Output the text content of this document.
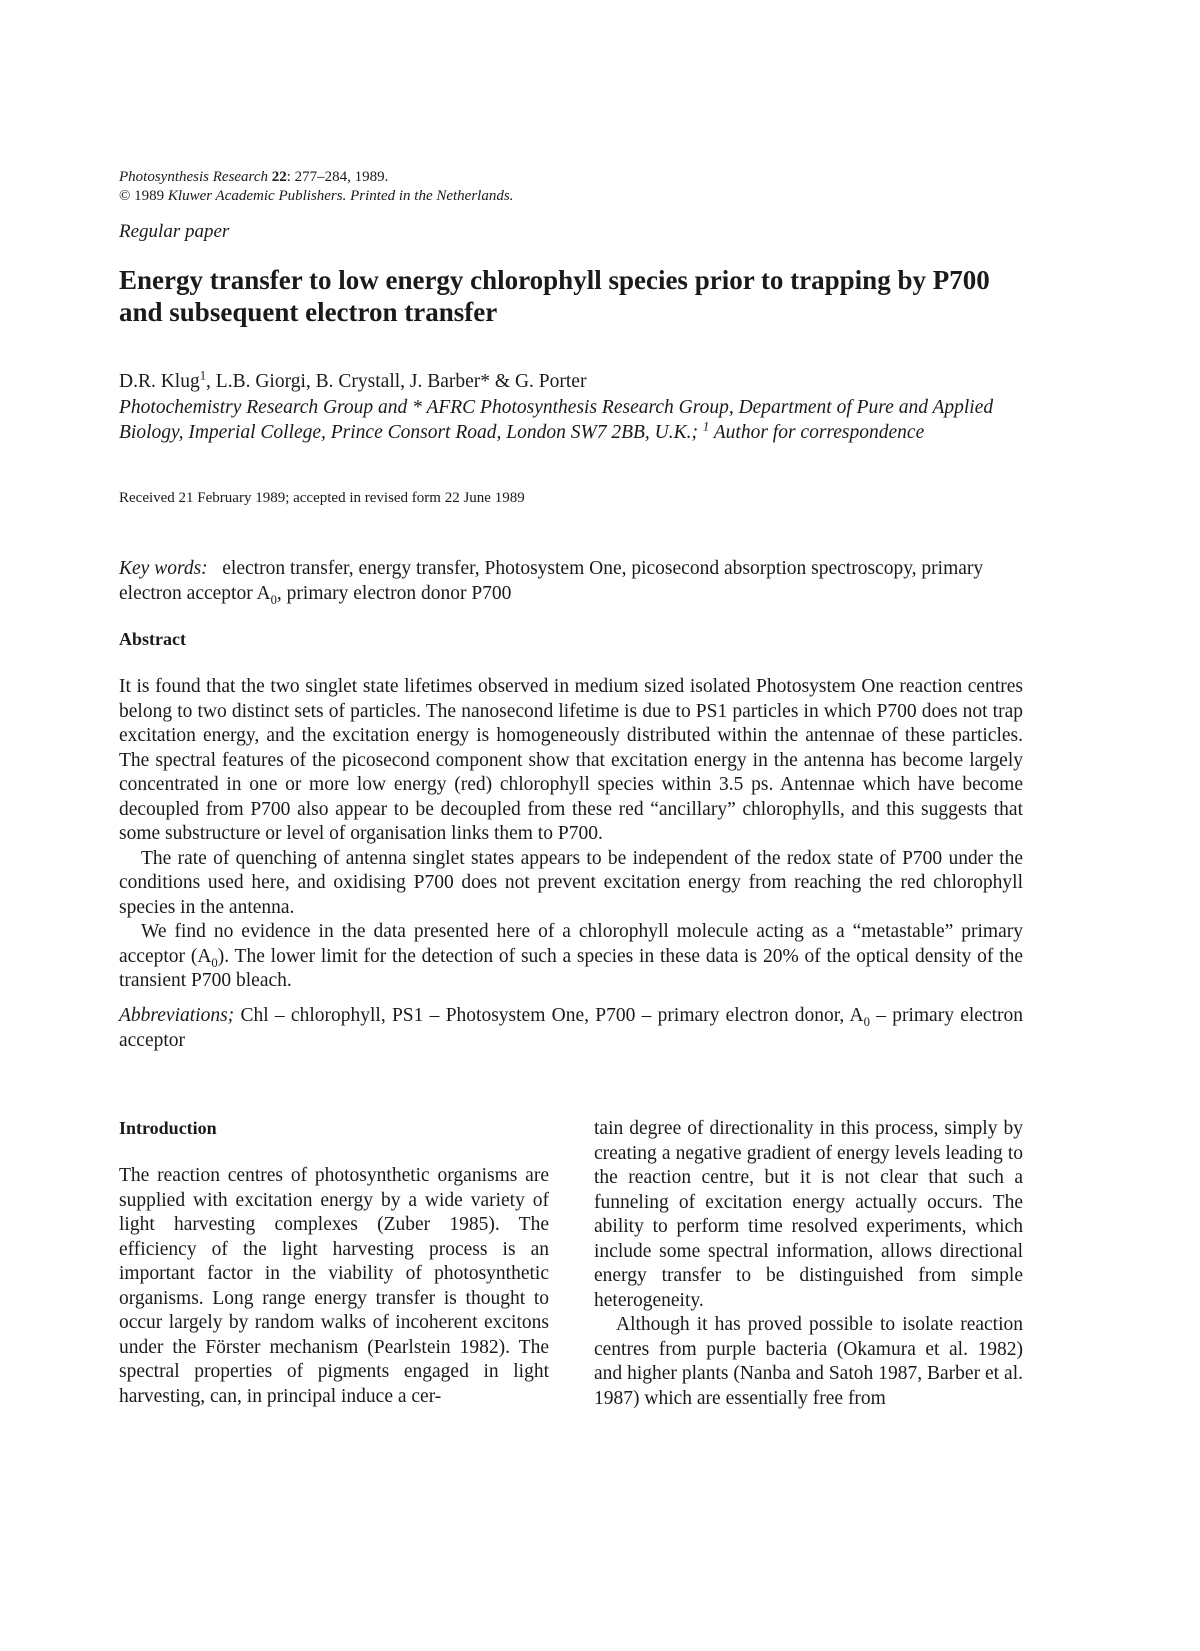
Photosynthesis Research 22: 277–284, 1989.
© 1989 Kluwer Academic Publishers. Printed in the Netherlands.
Regular paper
Energy transfer to low energy chlorophyll species prior to trapping by P700 and subsequent electron transfer
D.R. Klug$^1$, L.B. Giorgi, B. Crystall, J. Barber* & G. Porter
Photochemistry Research Group and * AFRC Photosynthesis Research Group, Department of Pure and Applied Biology, Imperial College, Prince Consort Road, London SW7 2BB, U.K.; $^1$ Author for correspondence
Received 21 February 1989; accepted in revised form 22 June 1989
Key words: electron transfer, energy transfer, Photosystem One, picosecond absorption spectroscopy, primary electron acceptor $A_0$, primary electron donor P700
Abstract

It is found that the two singlet state lifetimes observed in medium sized isolated Photosystem One reaction centres belong to two distinct sets of particles. The nanosecond lifetime is due to PS1 particles in which P700 does not trap excitation energy, and the excitation energy is homogeneously distributed within the antennae of these particles. The spectral features of the picosecond component show that excitation energy in the antenna has become largely concentrated in one or more low energy (red) chlorophyll species within 3.5 ps. Antennae which have become decoupled from P700 also appear to be decoupled from these red “ancillary” chlorophylls, and this suggests that some substructure or level of organisation links them to P700.

The rate of quenching of antenna singlet states appears to be independent of the redox state of P700 under the conditions used here, and oxidising P700 does not prevent excitation energy from reaching the red chlorophyll species in the antenna.

We find no evidence in the data presented here of a chlorophyll molecule acting as a “metastable” primary acceptor $(A_0)$. The lower limit for the detection of such a species in these data is 20% of the optical density of the transient P700 bleach.

Abbreviations; Chl – chlorophyll, PS1 – Photosystem One, P700 – primary electron donor, $A_0$ – primary electron acceptor
Introduction

The reaction centres of photosynthetic organisms are supplied with excitation energy by a wide variety of light harvesting complexes (Zuber 1985). The efficiency of the light harvesting process is an important factor in the viability of photosynthetic organisms. Long range energy transfer is thought to occur largely by random walks of incoherent excitons under the Förster mechanism (Pearlstein 1982). The spectral properties of pigments engaged in light harvesting, can, in principal induce a cer-

tain degree of directionality in this process, simply by creating a negative gradient of energy levels leading to the reaction centre, but it is not clear that such a funneling of excitation energy actually occurs. The ability to perform time resolved experiments, which include some spectral information, allows directional energy transfer to be distinguished from simple heterogeneity.

Although it has proved possible to isolate reaction centres from purple bacteria (Okamura et al. 1982) and higher plants (Nanba and Satoh 1987, Barber et al. 1987) which are essentially free from
